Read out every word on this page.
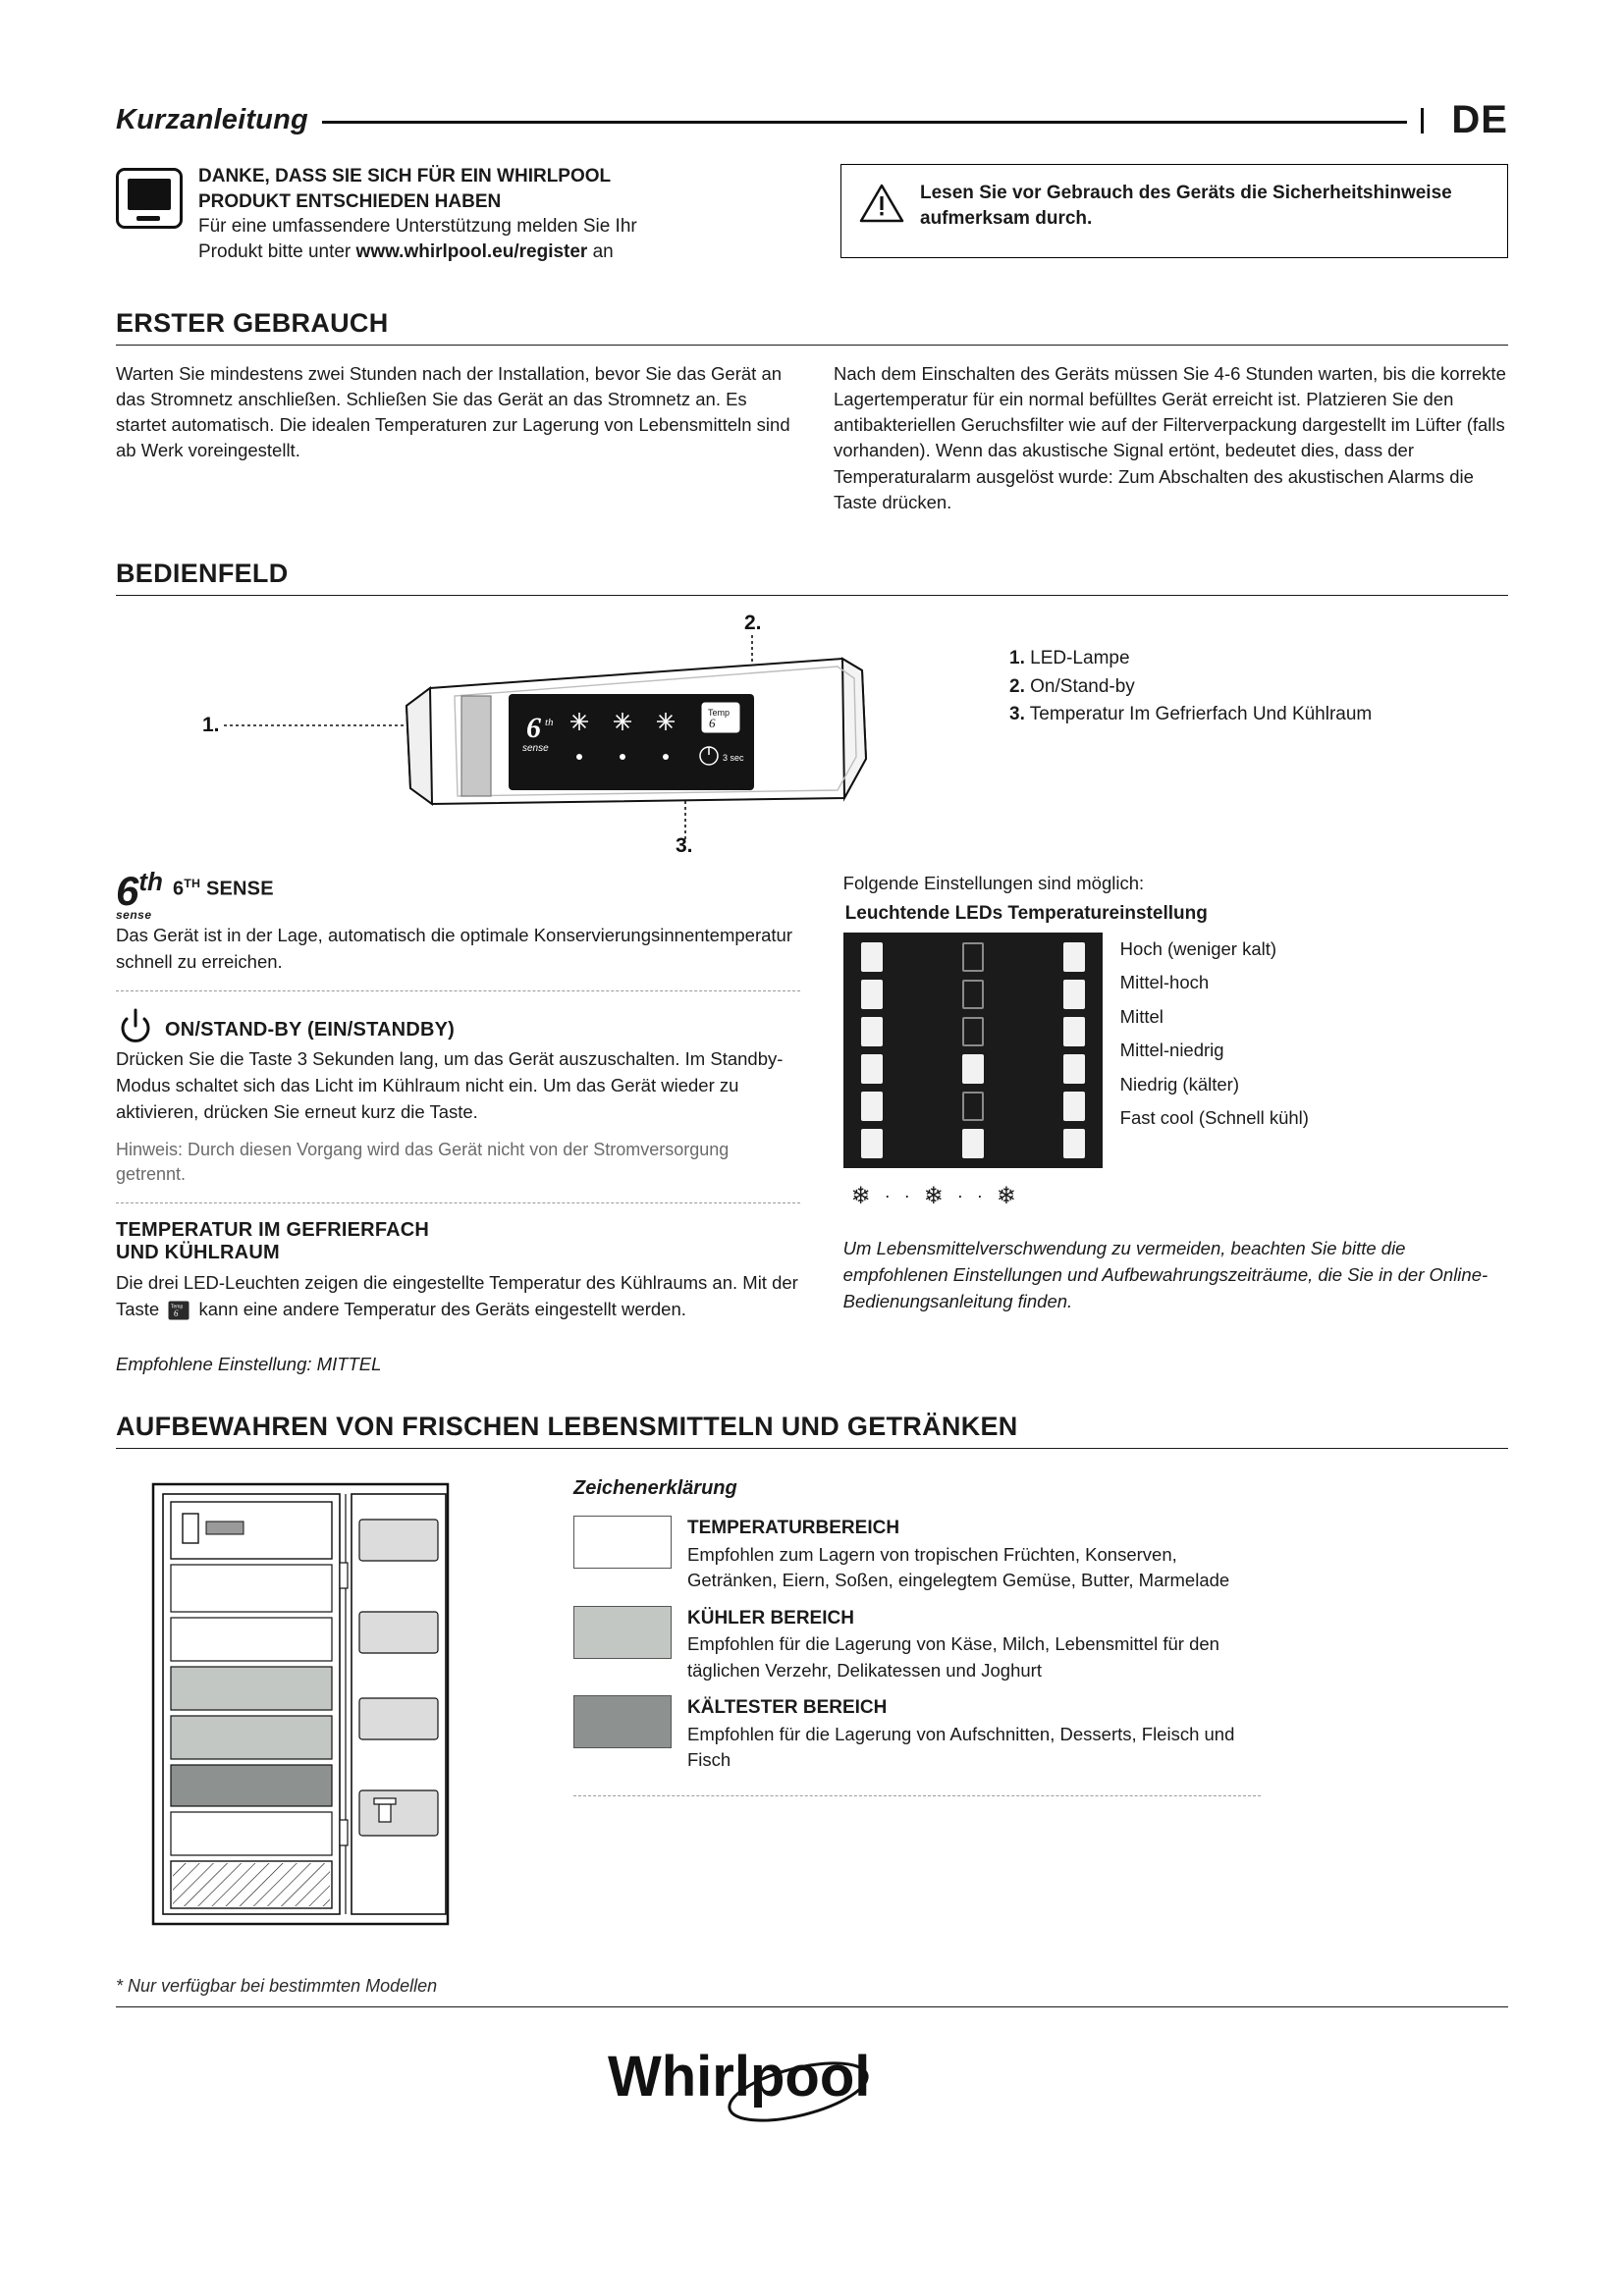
Kurzanleitung	DE
DANKE, DASS SIE SICH FÜR EIN WHIRLPOOL
PRODUKT ENTSCHIEDEN HABEN
Für eine umfassendere Unterstützung melden Sie Ihr
Produkt bitte unter www.whirlpool.eu/register an
Lesen Sie vor Gebrauch des Geräts die Sicherheitshinweise
aufmerksam durch.
ERSTER GEBRAUCH
Warten Sie mindestens zwei Stunden nach der Installation, bevor Sie das Gerät an das Stromnetz anschließen. Schließen Sie das Gerät an das Stromnetz an. Es startet automatisch. Die idealen Temperaturen zur Lagerung von Lebensmitteln sind ab Werk voreingestellt.
Nach dem Einschalten des Geräts müssen Sie 4-6 Stunden warten, bis die korrekte Lagertemperatur für ein normal befülltes Gerät erreicht ist. Platzieren Sie den antibakteriellen Geruchsfilter wie auf der Filterverpackung dargestellt im Lüfter (falls vorhanden). Wenn das akustische Signal ertönt, bedeutet dies, dass der Temperaturalarm ausgelöst wurde: Zum Abschalten des akustischen Alarms die Taste drücken.
BEDIENFELD
2.
1.
3.
6 th
sense
Temp
6
3 sec
1. LED-Lampe
2. On/Stand-by
3. Temperatur Im Gefrierfach Und Kühlraum
6th
sense
6TH SENSE
Das Gerät ist in der Lage, automatisch die optimale Konservierungsinnentemperatur schnell zu erreichen.
ON/STAND-BY (EIN/STANDBY)
Drücken Sie die Taste 3 Sekunden lang, um das Gerät auszuschalten. Im Standby-Modus schaltet sich das Licht im Kühlraum nicht ein. Um das Gerät wieder zu aktivieren, drücken Sie erneut kurz die Taste.
Hinweis: Durch diesen Vorgang wird das Gerät nicht von der Stromversorgung getrennt.
TEMPERATUR IM GEFRIERFACH
UND KÜHLRAUM
Die drei LED-Leuchten zeigen die eingestellte Temperatur des Kühlraums an. Mit der Taste Temp
6 kann eine andere Temperatur des Geräts eingestellt werden.
Empfohlene Einstellung: MITTEL
Folgende Einstellungen sind möglich:
Leuchtende LEDs Temperatureinstellung
Hoch (weniger kalt)
Mittel-hoch
Mittel
Mittel-niedrig
Niedrig (kälter)
Fast cool (Schnell kühl)
❄ · · ❄ · · ❄
Um Lebensmittelverschwendung zu vermeiden, beachten Sie bitte die empfohlenen Einstellungen und Aufbewahrungszeiträume, die Sie in der Online-Bedienungsanleitung finden.
AUFBEWAHREN VON FRISCHEN LEBENSMITTELN UND GETRÄNKEN
Zeichenerklärung
TEMPERATURBEREICH
Empfohlen zum Lagern von tropischen Früchten, Konserven, Getränken, Eiern, Soßen, eingelegtem Gemüse, Butter, Marmelade
KÜHLER BEREICH
Empfohlen für die Lagerung von Käse, Milch, Lebensmittel für den täglichen Verzehr, Delikatessen und Joghurt
KÄLTESTER BEREICH
Empfohlen für die Lagerung von Aufschnitten, Desserts, Fleisch und Fisch
* Nur verfügbar bei bestimmten Modellen
Whirlpool
